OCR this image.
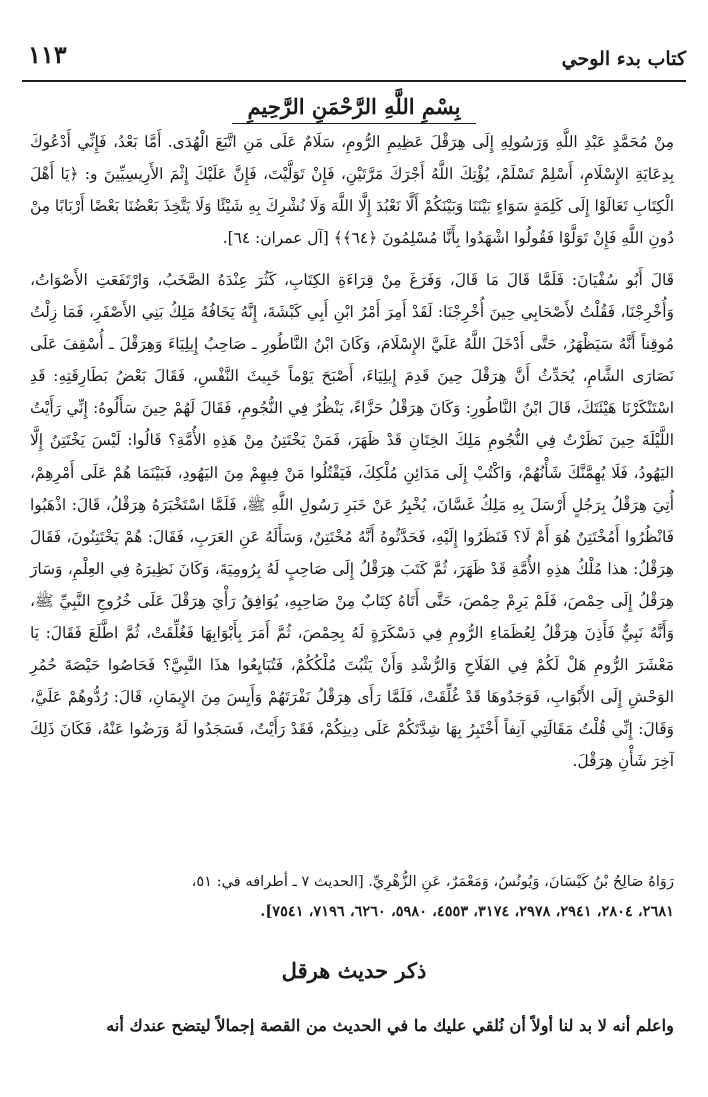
كتاب بدء الوحي
١١٣
بِسْمِ اللَّهِ الرَّحْمَنِ الرَّحِيمِ

مِنْ مُحَمَّدٍ عَبْدِ اللَّهِ وَرَسُولِهِ إِلَى هِرَقْلَ عَظِيمِ الرُّومِ، سَلَامٌ عَلَى مَنِ اتَّبَعَ الْهُدَى. أَمَّا بَعْدُ، فَإِنِّي أَدْعُوكَ بِدِعَايَةِ الإِسْلَامِ، أَسْلِمْ تَسْلَمْ، يُؤْتِكَ اللَّهُ أَجْرَكَ مَرَّتَيْنِ، فَإِنْ تَوَلَّيْتَ، فَإِنَّ عَلَيْكَ إِثْمَ الأَرِيسِيِّينَ و: ﴿يَا أَهْلَ الْكِتَابِ تَعَالَوْا إِلَى كَلِمَةٍ سَوَاءٍ بَيْنَنَا وَبَيْنَكُمْ أَلَّا نَعْبُدَ إِلَّا اللَّهَ وَلَا نُشْرِكَ بِهِ شَيْئًا وَلَا يَتَّخِذَ بَعْضُنَا بَعْضًا أَرْبَابًا مِنْ دُونِ اللَّهِ فَإِنْ تَوَلَّوْا فَقُولُوا اشْهَدُوا بِأَنَّا مُسْلِمُونَ ﴿٦٤﴾﴾ [آل عمران: ٦٤].

قَالَ أَبُو سُفْيَانَ: فَلَمَّا قَالَ مَا قَالَ، وَفَرَغَ مِنْ قِرَاءَةِ الكِتَابِ، كَثُرَ عِنْدَهُ الصَّخَبُ، وَارْتَفَعَتِ الأَصْوَاتُ، وَأُخْرِجْنَا، فَقُلْتُ لأَصْحَابِي حِينَ أُخْرِجْنَا: لَقَدْ أَمِرَ أَمْرُ ابْنِ أَبِي كَبْشَةَ، إِنَّهُ يَخَافُهُ مَلِكُ بَنِي الأَصْفَرِ، فَمَا زِلْتُ مُوقِناً أَنَّهُ سَيَظْهَرُ، حَتَّى أَدْخَلَ اللَّهُ عَلَيَّ الإِسْلَامَ، وَكَانَ ابْنُ النَّاطُورِ ـ صَاحِبُ إِيلِيَاءَ وَهِرَقْلَ ـ أُسْقِفَ عَلَى نَصَارَى الشَّامِ، يُحَدِّثُ أَنَّ هِرَقْلَ حِينَ قَدِمَ إِيلِيَاءَ، أَصْبَحَ يَوْماً خَبِيثَ النَّفْسِ، فَقَالَ بَعْضُ بَطَارِقَتِهِ: قَدِ اسْتَنْكَرْنَا هَيْئَتَكَ، قَالَ ابْنُ النَّاطُورِ: وَكَانَ هِرَقْلُ حَزَّاءً، يَنْظُرُ فِي النُّجُومِ، فَقَالَ لَهُمْ حِينَ سَأَلُوهُ: إِنِّي رَأَيْتُ اللَّيْلَةَ حِينَ نَظَرْتُ فِي النُّجُومِ مَلِكَ الخِتَانِ قَدْ ظَهَرَ، فَمَنْ يَخْتَتِنُ مِنْ هَذِهِ الأُمَّةِ؟ قَالُوا: لَيْسَ يَخْتَتِنُ إِلَّا اليَهُودُ، فَلَا يُهِمَّنَّكَ شَأْنُهُمْ، وَاكْتُبْ إِلَى مَدَائِنِ مُلْكِكَ، فَيَقْتُلُوا مَنْ فِيهِمْ مِنَ اليَهُودِ، فَبَيْنَمَا هُمْ عَلَى أَمْرِهِمْ، أُتِيَ هِرَقْلُ بِرَجُلٍ أَرْسَلَ بِهِ مَلِكُ غَسَّانَ، يُخْبِرُ عَنْ خَبَرِ رَسُولِ اللَّهِ ﷺ، فَلَمَّا اسْتَخْبَرَهُ هِرَقْلُ، قَالَ: اذْهَبُوا فَانْظُرُوا أَمُخْتَتِنٌ هُوَ أَمْ لَا؟ فَنَظَرُوا إِلَيْهِ، فَحَدَّثُوهُ أَنَّهُ مُخْتَتِنٌ، وَسَأَلَهُ عَنِ العَرَبِ، فَقَالَ: هُمْ يَخْتَتِنُونَ، فَقَالَ هِرَقْلُ: هذا مُلْكُ هذِهِ الأُمَّةِ قَدْ ظَهَرَ، ثُمَّ كَتَبَ هِرَقْلُ إِلَى صَاحِبٍ لَهُ بِرُومِيَةَ، وَكَانَ نَظِيرَهُ فِي العِلْمِ، وَسَارَ هِرَقْلُ إِلَى حِمْصَ، فَلَمْ يَرِمْ حِمْصَ، حَتَّى أَتَاهُ كِتَابٌ مِنْ صَاحِبِهِ، يُوَافِقُ رَأْيَ هِرَقْلَ عَلَى خُرُوجِ النَّبِيِّ ﷺ، وَأَنَّهُ نَبِيٌّ فَأَذِنَ هِرَقْلُ لِعُظَمَاءِ الرُّومِ فِي دَسْكَرَةٍ لَهُ بِحِمْصَ، ثُمَّ أَمَرَ بِأَبْوَابِهَا فَغُلِّقَتْ، ثُمَّ اطَّلَعَ فَقَالَ: يَا مَعْشَرَ الرُّومِ هَلْ لَكُمْ فِي الفَلَاحِ وَالرُّشْدِ وَأَنْ يَثْبُتَ مُلْكُكُمْ، فَتُبَايِعُوا هذَا النَّبِيَّ؟ فَحَاصُوا حَيْصَةَ حُمُرِ الوَحْشِ إِلَى الأَبْوَابِ، فَوَجَدُوهَا قَدْ غُلِّقَتْ، فَلَمَّا رَأَى هِرَقْلُ نَفْرَتَهُمْ وَأَيِسَ مِنَ الإِيمَانِ، قَالَ: رُدُّوهُمْ عَلَيَّ، وَقَالَ: إِنِّي قُلْتُ مَقَالَتِي آنِفاً أَخْتَبِرُ بِهَا شِدَّتَكُمْ عَلَى دِينِكُمْ، فَقَدْ رَأَيْتُ، فَسَجَدُوا لَهُ وَرَضُوا عَنْهُ، فَكَانَ ذَلِكَ آخِرَ شَأْنِ هِرَقْلَ.

رَوَاهُ صَالِحُ بْنُ كَيْسَانَ، وَيُونُسُ، وَمَعْمَرٌ، عَنِ الزُّهْرِيِّ. [الحديث ٧ ـ أطرافه في: ٥١،

٢٦٨١، ٢٨٠٤، ٢٩٤١، ٢٩٧٨، ٣١٧٤، ٤٥٥٣، ٥٩٨٠، ٦٢٦٠، ٧١٩٦، ٧٥٤١].
ذكر حديث هرقل

واعلم أنه لا بد لنا أولاً أن نُلقي عليك ما في الحديث من القصة إجمالاً ليتضح عندك أنه
